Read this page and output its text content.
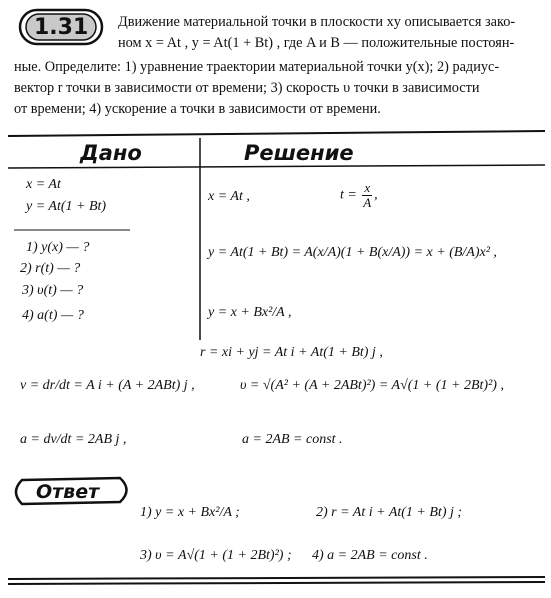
1.31 Движение материальной точки в плоскости xy описывается зако-
ном x = At , y = At(1 + Bt) , где A и B — положительные постоян-
ные. Определите: 1) уравнение траектории материальной точки y(x); 2) радиус-
вектор r точки в зависимости от времени; 3) скорость υ точки в зависимости
от времени; 4) ускорение a точки в зависимости от времени.
Дано	Решение
x = At
y = At(1 + Bt)
1) y(x) — ?
2) r(t) — ?
3) υ(t) — ?
4) a(t) — ?
x = At ,	$t = \frac{x}{A}$ ,
y = At(1 + Bt) = A(x/A)(1 + B(x/A)) = x + (B/A)x² ,
y = x + Bx²/A ,
r = xi + yj = At i + At(1 + Bt) j ,
v = dr/dt = A i + (A + 2ABt) j ,	υ = √(A² + (A + 2ABt)²) = A√(1 + (1 + 2Bt)²) ,
a = dv/dt = 2AB j ,	a = 2AB = const .
Ответ
1) y = x + Bx²/A ;	2) r = At i + At(1 + Bt) j ;
3) υ = A√(1 + (1 + 2Bt)²) ; 4) a = 2AB = const .
